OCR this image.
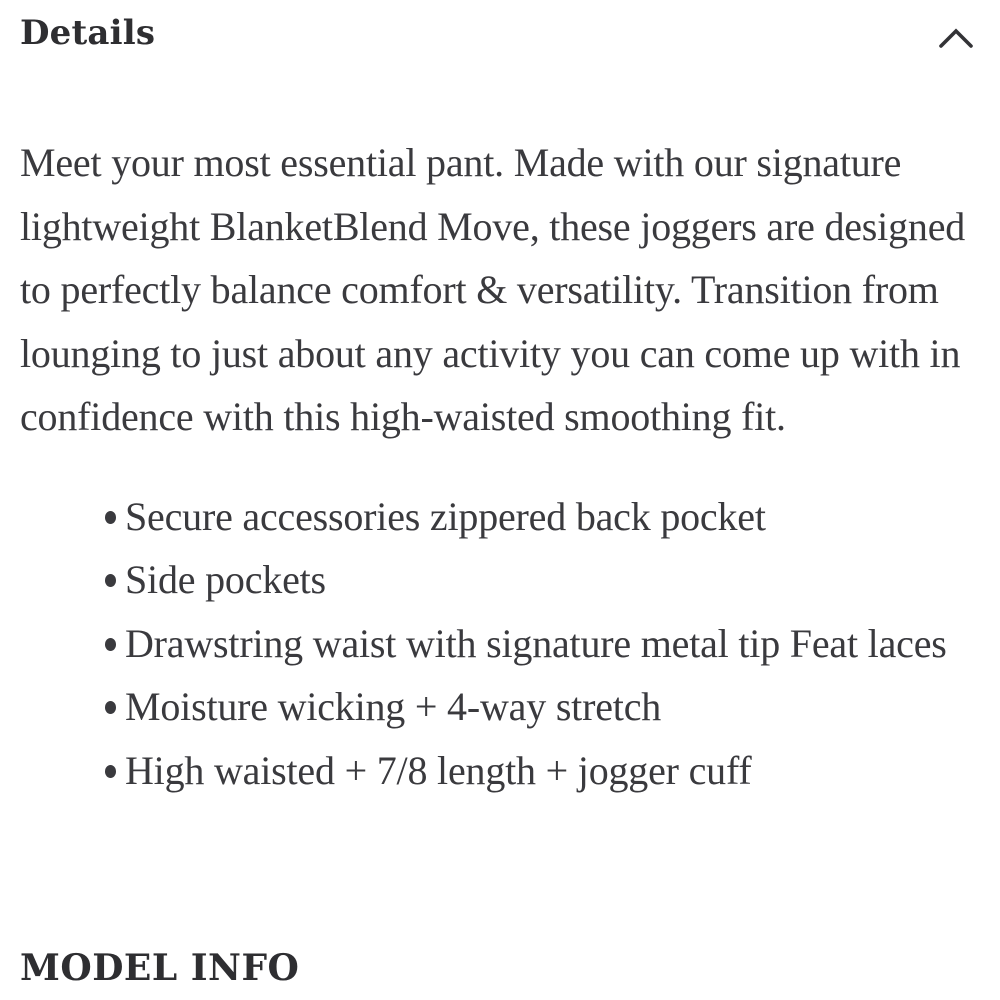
Details

Meet your most essential pant. Made with our signature lightweight BlanketBlend Move, these joggers are designed to perfectly balance comfort & versatility. Transition from lounging to just about any activity you can come up with in confidence with this high-waisted smoothing fit.

Secure accessories zippered back pocket
Side pockets
Drawstring waist with signature metal tip Feat laces
Moisture wicking + 4-way stretch
High waisted + 7/8 length + jogger cuff
MODEL INFO
